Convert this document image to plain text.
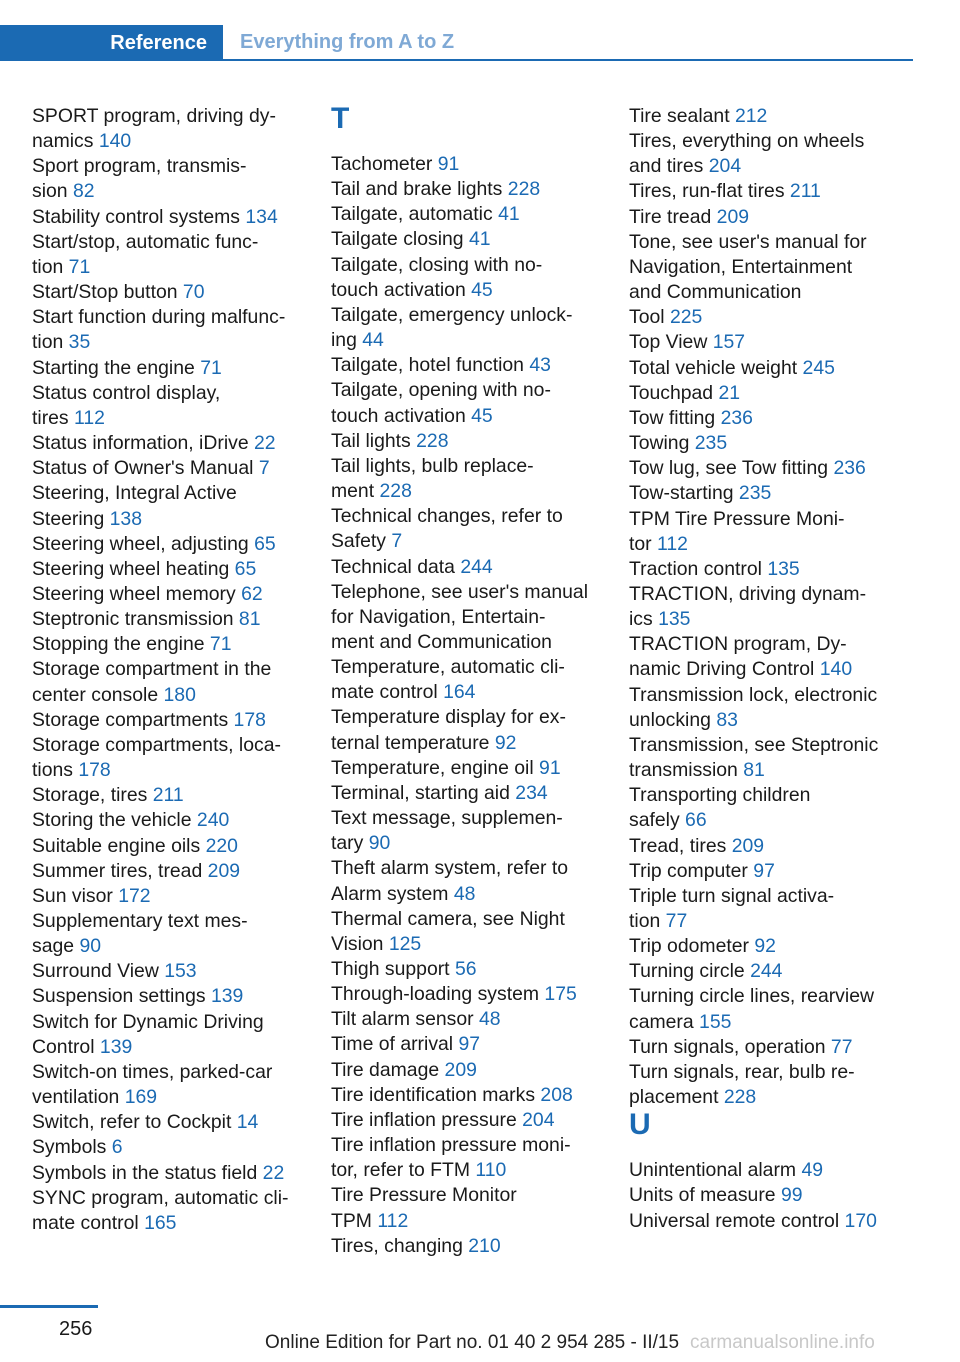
Reference	Everything from A to Z
SPORT program, driving dy-
namics 140
Sport program, transmis-
sion 82
Stability control systems 134
Start/stop, automatic func-
tion 71
Start/Stop button 70
Start function during malfunc-
tion 35
Starting the engine 71
Status control display,
tires 112
Status information, iDrive 22
Status of Owner's Manual 7
Steering, Integral Active
Steering 138
Steering wheel, adjusting 65
Steering wheel heating 65
Steering wheel memory 62
Steptronic transmission 81
Stopping the engine 71
Storage compartment in the
center console 180
Storage compartments 178
Storage compartments, loca-
tions 178
Storage, tires 211
Storing the vehicle 240
Suitable engine oils 220
Summer tires, tread 209
Sun visor 172
Supplementary text mes-
sage 90
Surround View 153
Suspension settings 139
Switch for Dynamic Driving
Control 139
Switch-on times, parked-car
ventilation 169
Switch, refer to Cockpit 14
Symbols 6
Symbols in the status field 22
SYNC program, automatic cli-
mate control 165
T
Tachometer 91
Tail and brake lights 228
Tailgate, automatic 41
Tailgate closing 41
Tailgate, closing with no-
touch activation 45
Tailgate, emergency unlock-
ing 44
Tailgate, hotel function 43
Tailgate, opening with no-
touch activation 45
Tail lights 228
Tail lights, bulb replace-
ment 228
Technical changes, refer to
Safety 7
Technical data 244
Telephone, see user's manual
for Navigation, Entertain-
ment and Communication
Temperature, automatic cli-
mate control 164
Temperature display for ex-
ternal temperature 92
Temperature, engine oil 91
Terminal, starting aid 234
Text message, supplemen-
tary 90
Theft alarm system, refer to
Alarm system 48
Thermal camera, see Night
Vision 125
Thigh support 56
Through-loading system 175
Tilt alarm sensor 48
Time of arrival 97
Tire damage 209
Tire identification marks 208
Tire inflation pressure 204
Tire inflation pressure moni-
tor, refer to FTM 110
Tire Pressure Monitor
TPM 112
Tires, changing 210
Tire sealant 212
Tires, everything on wheels
and tires 204
Tires, run-flat tires 211
Tire tread 209
Tone, see user's manual for
Navigation, Entertainment
and Communication
Tool 225
Top View 157
Total vehicle weight 245
Touchpad 21
Tow fitting 236
Towing 235
Tow lug, see Tow fitting 236
Tow-starting 235
TPM Tire Pressure Moni-
tor 112
Traction control 135
TRACTION, driving dynam-
ics 135
TRACTION program, Dy-
namic Driving Control 140
Transmission lock, electronic
unlocking 83
Transmission, see Steptronic
transmission 81
Transporting children
safely 66
Tread, tires 209
Trip computer 97
Triple turn signal activa-
tion 77
Trip odometer 92
Turning circle 244
Turning circle lines, rearview
camera 155
Turn signals, operation 77
Turn signals, rear, bulb re-
placement 228
U
Unintentional alarm 49
Units of measure 99
Universal remote control 170
256
Online Edition for Part no. 01 40 2 954 285 - II/15 carmanualsonline.info
